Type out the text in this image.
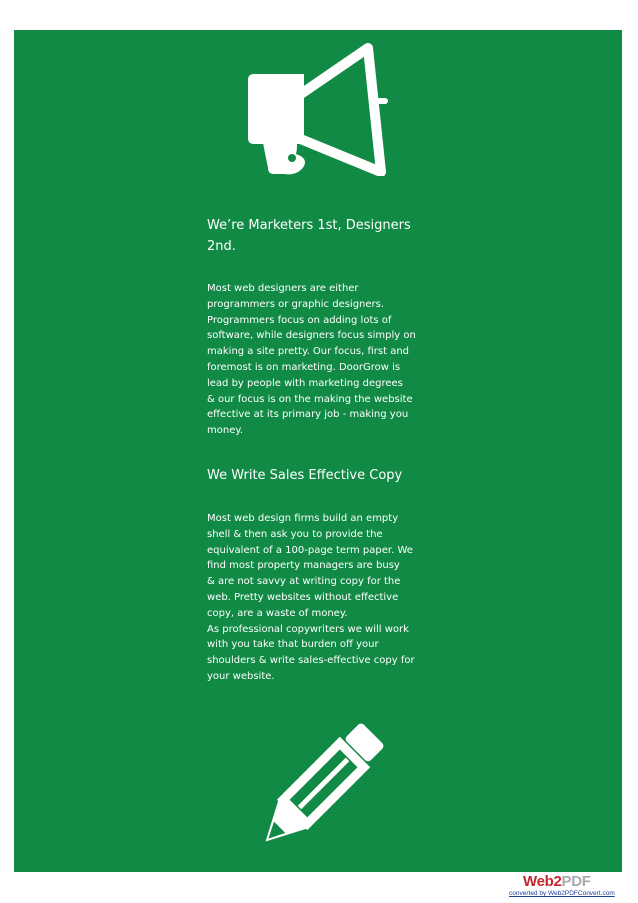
We’re Marketers 1st, Designers 2nd.

Most web designers are either
programmers or graphic designers.
Programmers focus on adding lots of
software, while designers focus simply on
making a site pretty. Our focus, first and
foremost is on marketing. DoorGrow is
lead by people with marketing degrees
& our focus is on the making the website
effective at its primary job - making you
money.

We Write Sales Effective Copy

Most web design firms build an empty
shell & then ask you to provide the
equivalent of a 100-page term paper. We
find most property managers are busy
& are not savvy at writing copy for the
web. Pretty websites without effective
copy, are a waste of money.
As professional copywriters we will work
with you take that burden off your
shoulders & write sales-effective copy for
your website.

Web2PDF
converted by Web2PDFConvert.com
